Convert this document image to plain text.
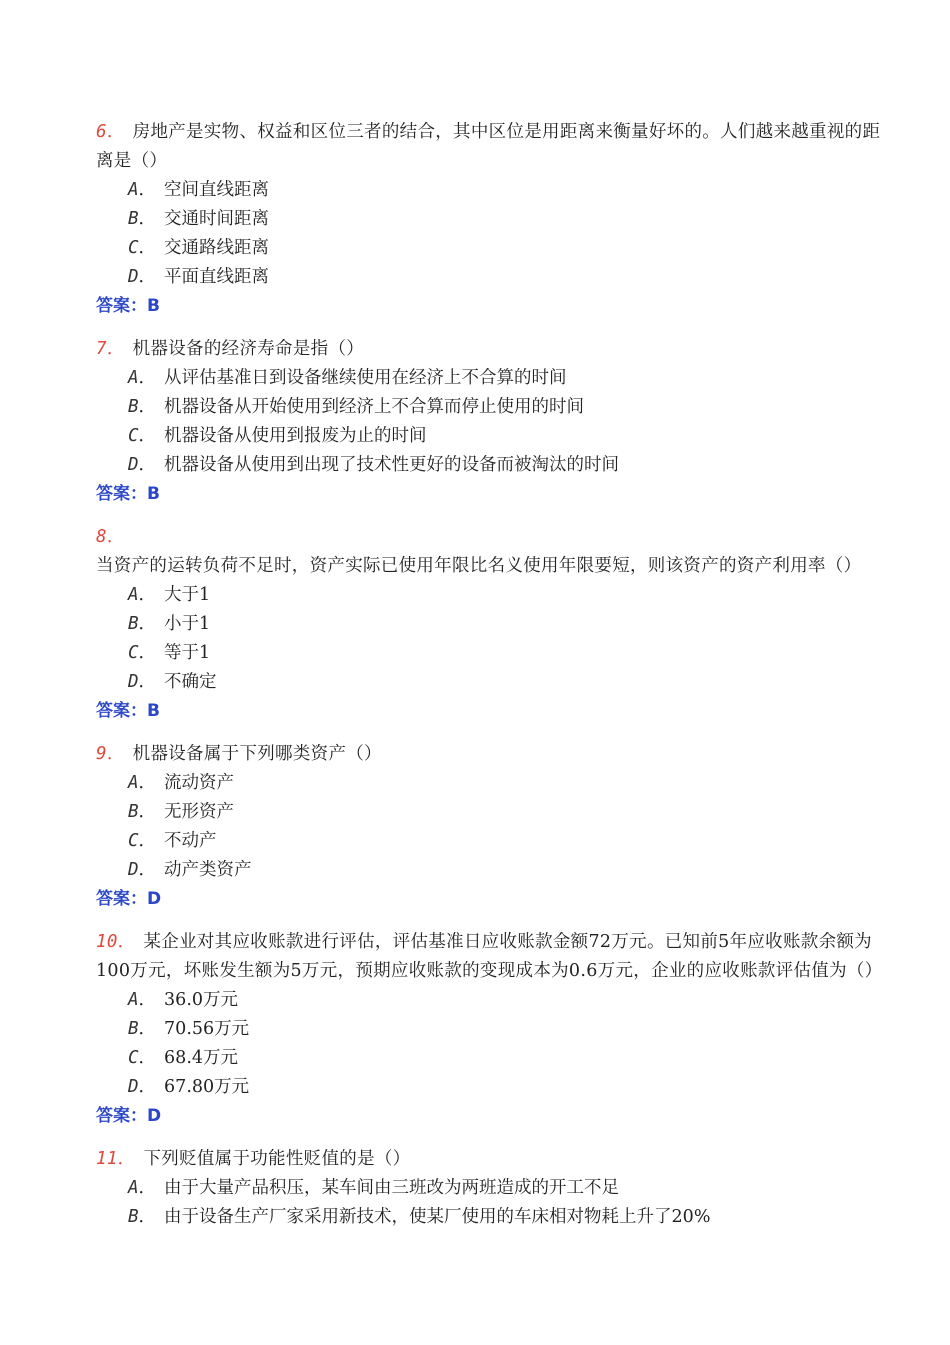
6． 房地产是实物、权益和区位三者的结合，其中区位是用距离来衡量好坏的。人们越来越重视的距离是（）
A． 空间直线距离
B． 交通时间距离
C． 交通路线距离
D． 平面直线距离
答案：B
7． 机器设备的经济寿命是指（）
A． 从评估基准日到设备继续使用在经济上不合算的时间
B． 机器设备从开始使用到经济上不合算而停止使用的时间
C． 机器设备从使用到报废为止的时间
D． 机器设备从使用到出现了技术性更好的设备而被淘汰的时间
答案：B
8．当资产的运转负荷不足时，资产实际已使用年限比名义使用年限要短，则该资产的资产利用率（）
A． 大于1
B． 小于1
C． 等于1
D． 不确定
答案：B
9． 机器设备属于下列哪类资产（）
A． 流动资产
B． 无形资产
C． 不动产
D． 动产类资产
答案：D
10． 某企业对其应收账款进行评估，评估基准日应收账款金额72万元。已知前5年应收账款余额为100万元，坏账发生额为5万元，预期应收账款的变现成本为0.6万元，企业的应收账款评估值为（）
A． 36.0万元
B． 70.56万元
C． 68.4万元
D． 67.80万元
答案：D
11． 下列贬值属于功能性贬值的是（）
A． 由于大量产品积压，某车间由三班改为两班造成的开工不足
B． 由于设备生产厂家采用新技术，使某厂使用的车床相对物耗上升了20%
